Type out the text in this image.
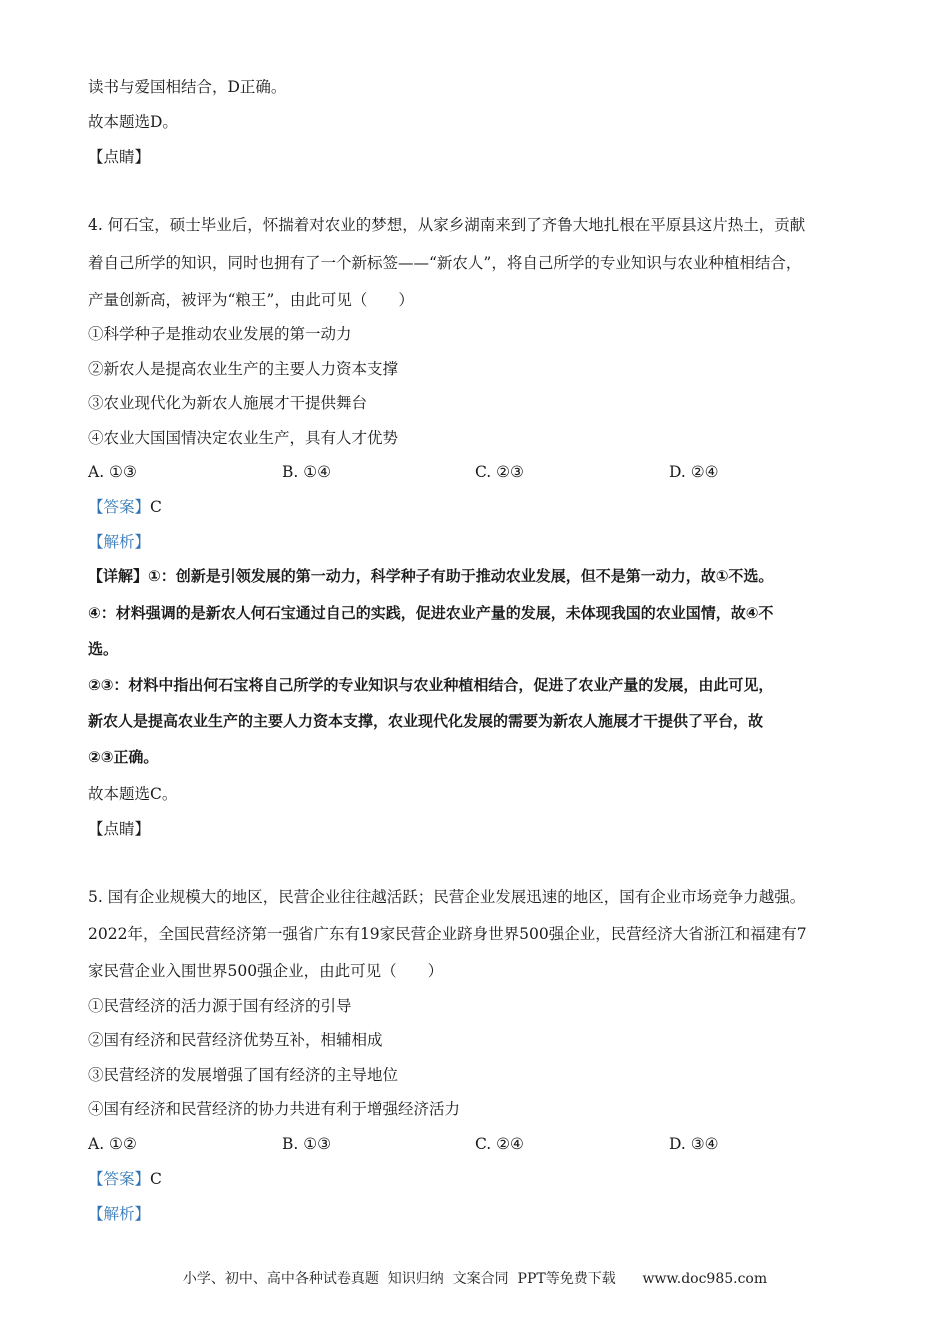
读书与爱国相结合，D正确。
故本题选D。
【点睛】
4. 何石宝，硕士毕业后，怀揣着对农业的梦想，从家乡湖南来到了齐鲁大地扎根在平原县这片热土，贡献
着自己所学的知识，同时也拥有了一个新标签——“新农人”，将自己所学的专业知识与农业种植相结合，
产量创新高，被评为“粮王”，由此可见（　　）
①科学种子是推动农业发展的第一动力
②新农人是提高农业生产的主要人力资本支撑
③农业现代化为新农人施展才干提供舞台
④农业大国国情决定农业生产，具有人才优势
A. ①③	B. ①④	C. ②③	D. ②④
【答案】C
【解析】
【详解】①：创新是引领发展的第一动力，科学种子有助于推动农业发展，但不是第一动力，故①不选。
④：材料强调的是新农人何石宝通过自己的实践，促进农业产量的发展，未体现我国的农业国情，故④不
选。
②③：材料中指出何石宝将自己所学的专业知识与农业种植相结合，促进了农业产量的发展，由此可见，
新农人是提高农业生产的主要人力资本支撑，农业现代化发展的需要为新农人施展才干提供了平台，故
②③正确。
故本题选C。
【点睛】
5. 国有企业规模大的地区，民营企业往往越活跃；民营企业发展迅速的地区，国有企业市场竞争力越强。
2022年，全国民营经济第一强省广东有19家民营企业跻身世界500强企业，民营经济大省浙江和福建有7
家民营企业入围世界500强企业，由此可见（　　）
①民营经济的活力源于国有经济的引导
②国有经济和民营经济优势互补，相辅相成
③民营经济的发展增强了国有经济的主导地位
④国有经济和民营经济的协力共进有利于增强经济活力
A. ①②	B. ①③	C. ②④	D. ③④
【答案】C
【解析】
小学、初中、高中各种试卷真题  知识归纳  文案合同  PPT等免费下载 www.doc985.com
